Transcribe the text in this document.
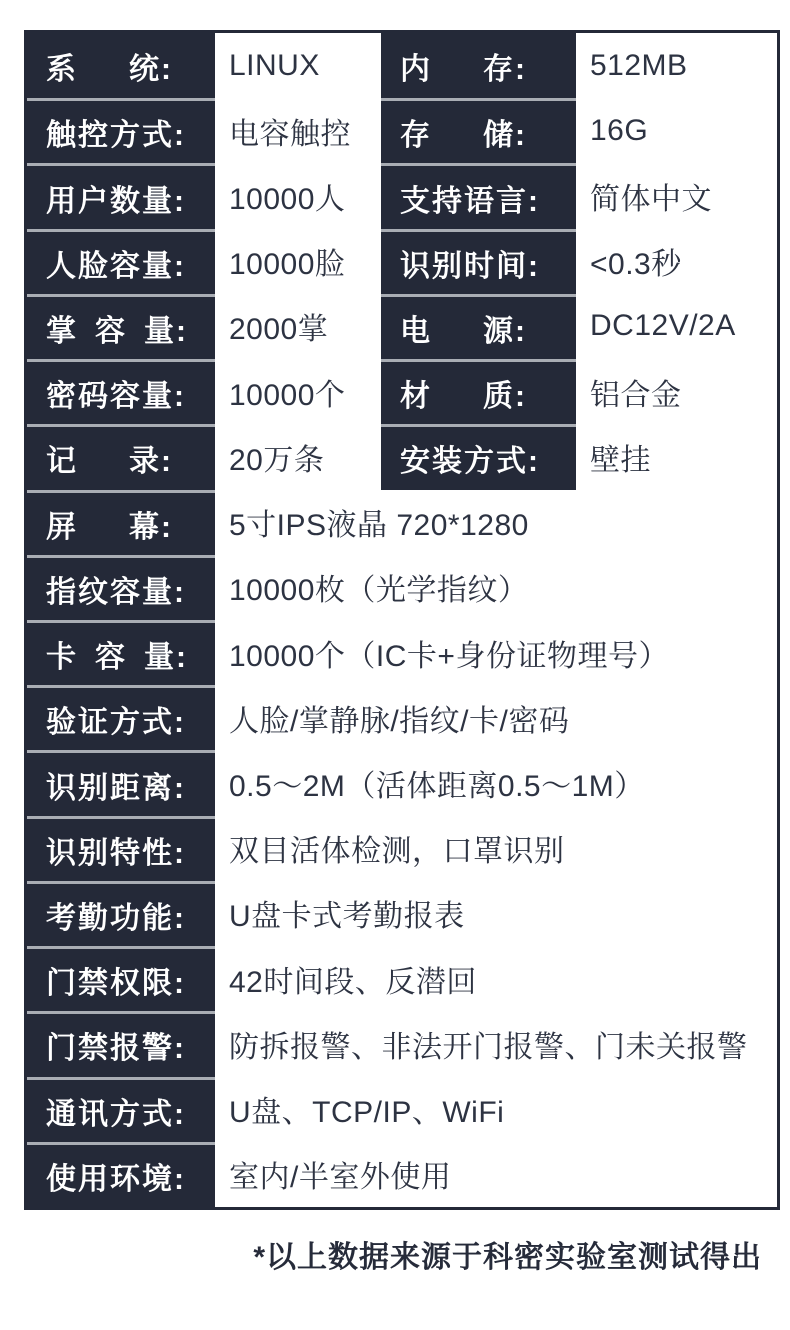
系   统:	LINUX	内   存:	512MB
触控方式:	电容触控	存   储:	16G
用户数量:	10000人	支持语言:	简体中文
人脸容量:	10000脸	识别时间:	<0.3秒
掌 容 量:	2000掌	电   源:	DC12V/2A
密码容量:	10000个	材   质:	铝合金
记   录:	20万条	安装方式:	壁挂
屏   幕:	5寸IPS液晶 720*1280
指纹容量:	10000枚（光学指纹）
卡 容 量:	10000个（IC卡+身份证物理号）
验证方式:	人脸/掌静脉/指纹/卡/密码
识别距离:	0.5～2M（活体距离0.5～1M）
识别特性:	双目活体检测，口罩识别
考勤功能:	U盘卡式考勤报表
门禁权限:	42时间段、反潜回
门禁报警:	防拆报警、非法开门报警、门未关报警
通讯方式:	U盘、TCP/IP、WiFi
使用环境:	室内/半室外使用
*以上数据来源于科密实验室测试得出
